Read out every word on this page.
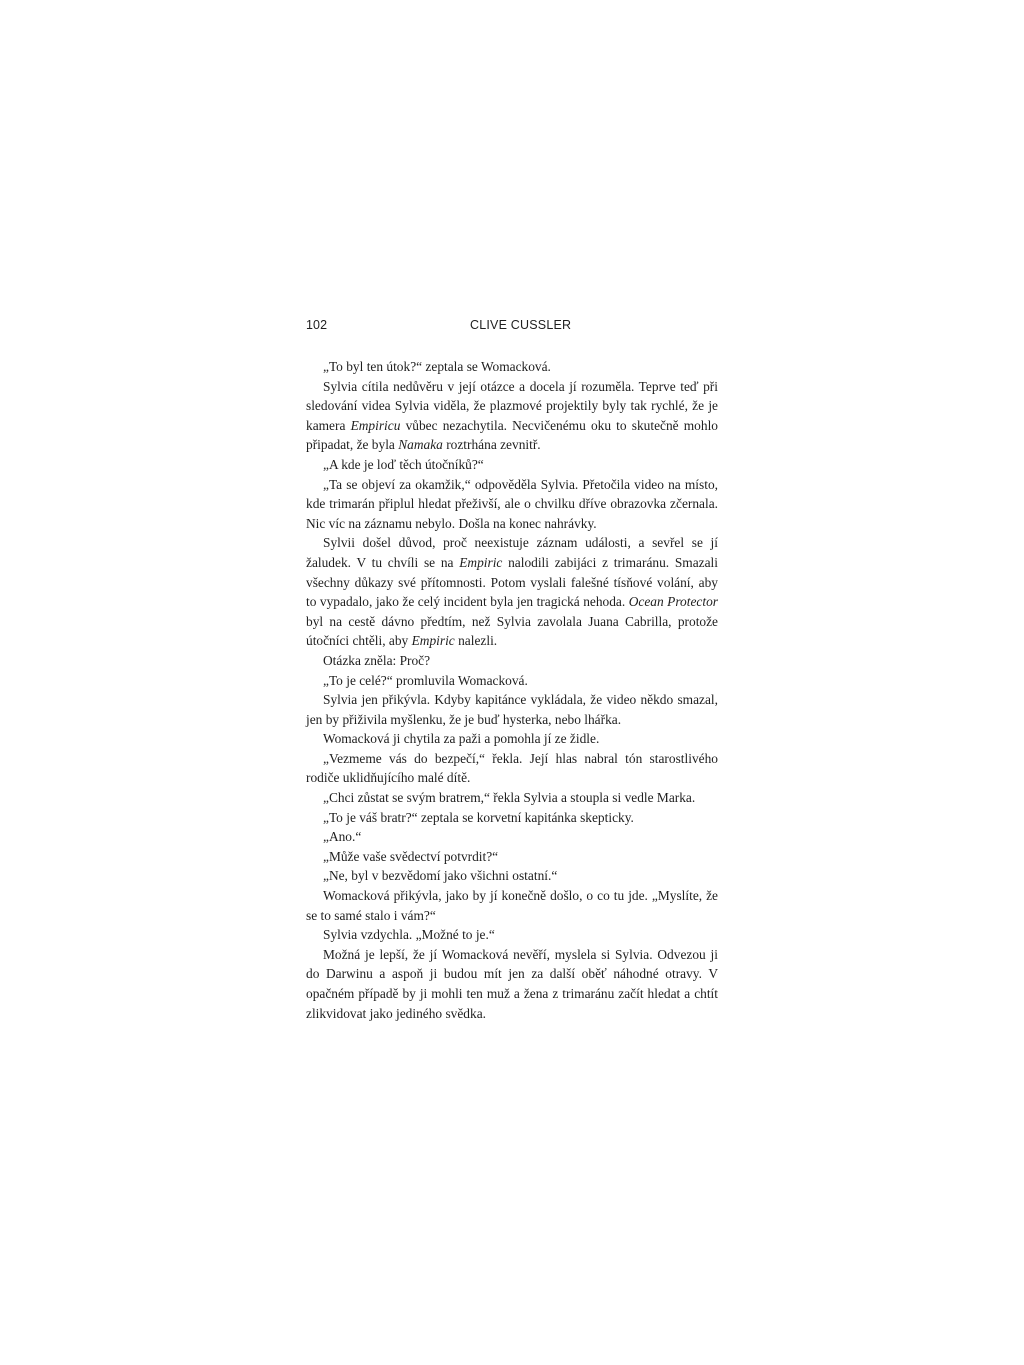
102	CLIVE CUSSLER

„To byl ten útok?“ zeptala se Womacková.

Sylvia cítila nedůvěru v její otázce a docela jí rozuměla. Teprve teď při sledování videa Sylvia viděla, že plazmové projektily byly tak rychlé, že je kamera Empiricu vůbec nezachytila. Necvičenému oku to skutečně mohlo připadat, že byla Namaka roztrhána zevnitř.

„A kde je loď těch útočníků?“

„Ta se objeví za okamžik,“ odpověděla Sylvia. Přetočila video na místo, kde trimarán připlul hledat přeživší, ale o chvilku dříve obrazovka zčernala. Nic víc na záznamu nebylo. Došla na konec nahrávky.

Sylvii došel důvod, proč neexistuje záznam události, a sevřel se jí žaludek. V tu chvíli se na Empiric nalodili zabijáci z trimaránu. Smazali všechny důkazy své přítomnosti. Potom vyslali falešné tísňové volání, aby to vypadalo, jako že celý incident byla jen tragická nehoda. Ocean Protector byl na cestě dávno předtím, než Sylvia zavolala Juana Cabrilla, protože útočníci chtěli, aby Empiric nalezli.

Otázka zněla: Proč?

„To je celé?“ promluvila Womacková.

Sylvia jen přikývla. Kdyby kapitánce vykládala, že video někdo smazal, jen by přiživila myšlenku, že je buď hysterka, nebo lhářka.

Womacková ji chytila za paži a pomohla jí ze židle.

„Vezmeme vás do bezpečí,“ řekla. Její hlas nabral tón starostlivého rodiče uklidňujícího malé dítě.

„Chci zůstat se svým bratrem,“ řekla Sylvia a stoupla si vedle Marka.

„To je váš bratr?“ zeptala se korvetní kapitánka skepticky.

„Ano.“

„Může vaše svědectví potvrdit?“

„Ne, byl v bezvědomí jako všichni ostatní.“

Womacková přikývla, jako by jí konečně došlo, o co tu jde. „Myslíte, že se to samé stalo i vám?“

Sylvia vzdychla. „Možné to je.“

Možná je lepší, že jí Womacková nevěří, myslela si Sylvia. Odvezou ji do Darwinu a aspoň ji budou mít jen za další oběť náhodné otravy. V opačném případě by ji mohli ten muž a žena z trimaránu začít hledat a chtít zlikvidovat jako jediného svědka.
